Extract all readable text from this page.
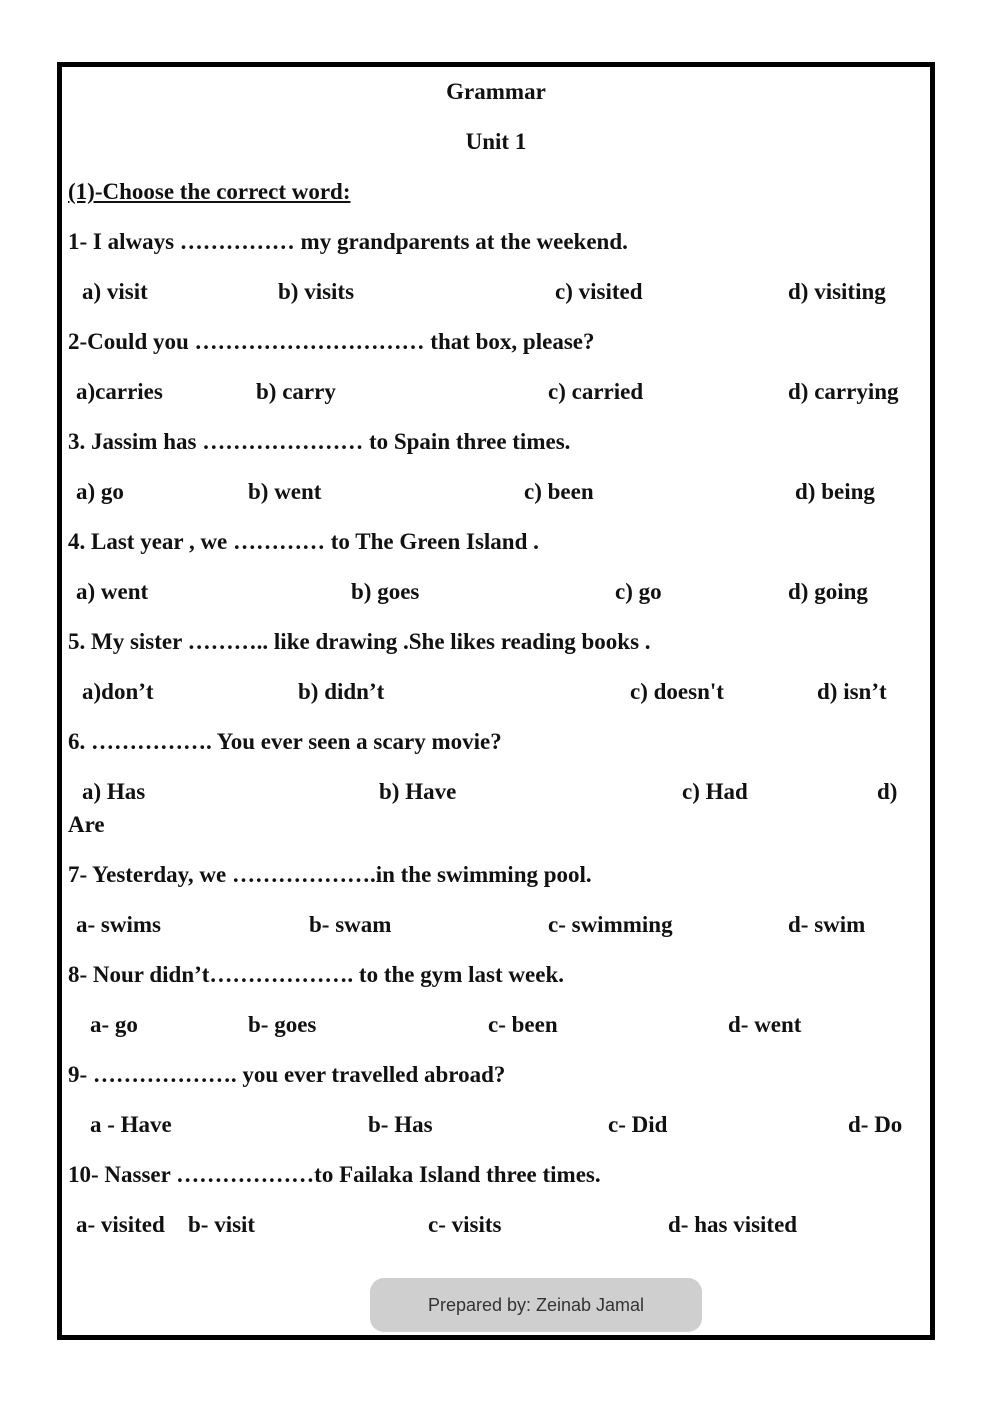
Grammar
Unit 1
(1)-Choose the correct word:
1- I always …………… my grandparents at the weekend.
a) visit	b) visits	c) visited	d) visiting
2-Could you ………………………… that box, please?
a)carries	b) carry	c) carried	d) carrying
3. Jassim has ………………… to Spain three times.
a) go	b) went	c) been	d) being
4. Last year , we ………… to The Green Island .
a) went	b) goes	c) go	d) going
5. My sister ……….. like drawing .She likes reading books .
a)don’t	b) didn’t	c) doesn't	d) isn’t
6. ……………. You ever seen a scary movie?
a) Has	b) Have	c) Had	d)
Are
7- Yesterday, we ……………….in the swimming pool.
a- swims	b- swam	c- swimming	d- swim
8- Nour didn’t………………. to the gym last week.
a- go	b- goes	c- been	d- went
9- ………………. you ever travelled abroad?
a - Have	b- Has	c- Did	d- Do
10- Nasser ………………to Failaka Island three times.
a- visited b- visit	c- visits	d- has visited
Prepared by: Zeinab Jamal
